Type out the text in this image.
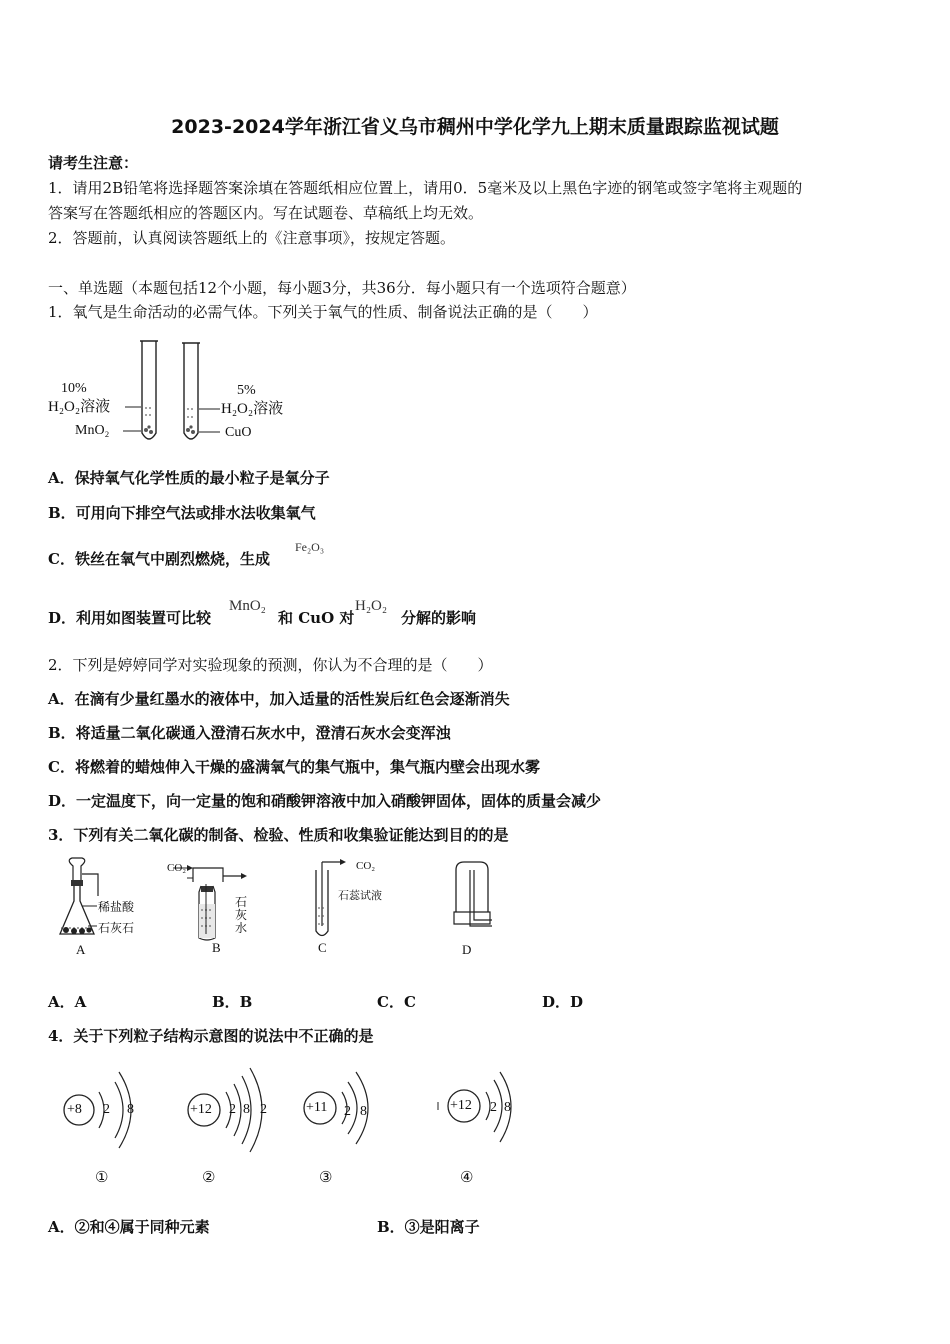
2023-2024学年浙江省义乌市稠州中学化学九上期末质量跟踪监视试题
请考生注意：
1．请用2B铅笔将选择题答案涂填在答题纸相应位置上，请用0．5毫米及以上黑色字迹的钢笔或签字笔将主观题的
答案写在答题纸相应的答题区内。写在试题卷、草稿纸上均无效。
2．答题前，认真阅读答题纸上的《注意事项》，按规定答题。
一、单选题（本题包括12个小题，每小题3分，共36分．每小题只有一个选项符合题意）
1．氧气是生命活动的必需气体。下列关于氧气的性质、制备说法正确的是（　　）
10%
H₂O₂溶液
MnO₂
5%
H₂O₂溶液
CuO
A．保持氧气化学性质的最小粒子是氧分子
B．可用向下排空气法或排水法收集氧气
C．铁丝在氧气中剧烈燃烧，生成
Fe₂O₃
D．利用如图装置可比较
MnO₂
和 CuO 对
H₂O₂
分解的影响
2．下列是婷婷同学对实验现象的预测，你认为不合理的是（　　）
A．在滴有少量红墨水的液体中，加入适量的活性炭后红色会逐渐消失
B．将适量二氧化碳通入澄清石灰水中，澄清石灰水会变浑浊
C．将燃着的蜡烛伸入干燥的盛满氧气的集气瓶中，集气瓶内壁会出现水雾
D．一定温度下，向一定量的饱和硝酸钾溶液中加入硝酸钾固体，固体的质量会减少
3．下列有关二氧化碳的制备、检验、性质和收集验证能达到目的的是
稀盐酸
石灰石
A
CO₂
石灰水
B
CO₂
石蕊试液
C	D
A．A	B．B	C．C	D．D
4．关于下列粒子结构示意图的说法中不正确的是
+8 2 8
①
+12 2 8 2
②
+11 2 8
③
+12 2 8
④
A．②和④属于同种元素	B．③是阳离子
